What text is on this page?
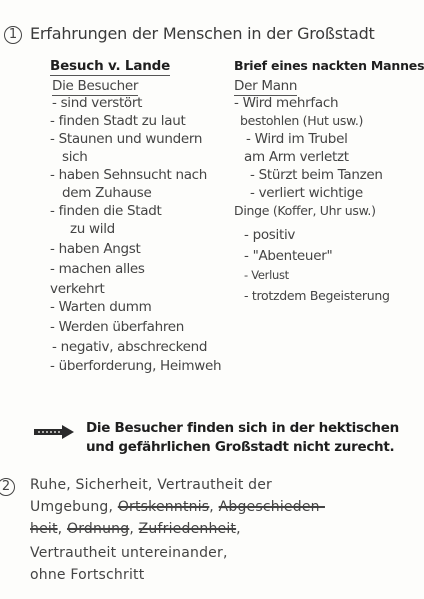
1 Erfahrungen der Menschen in der Großstadt
Besuch v. Lande	Brief eines nackten Mannes
Die Besucher
- sind verstört
- finden Stadt zu laut
- Staunen und wundern
sich
- haben Sehnsucht nach
dem Zuhause
- finden die Stadt
zu wild
- haben Angst
- machen alles
verkehrt
- Warten dumm
- Werden überfahren
- negativ, abschreckend
- überforderung, Heimweh
Der Mann
- Wird mehrfach
bestohlen (Hut usw.)
- Wird im Trubel
am Arm verletzt
- Stürzt beim Tanzen
- verliert wichtige
Dinge (Koffer, Uhr usw.)
- positiv
- "Abenteuer"
- Verlust
- trotzdem Begeisterung
Die Besucher finden sich in der hektischen
und gefährlichen Großstadt nicht zurecht.
2	Ruhe, Sicherheit, Vertrautheit der
Umgebung, Ortskenntnis, Abgeschieden-
heit, Ordnung, Zufriedenheit,
Vertrautheit untereinander,
ohne Fortschritt
